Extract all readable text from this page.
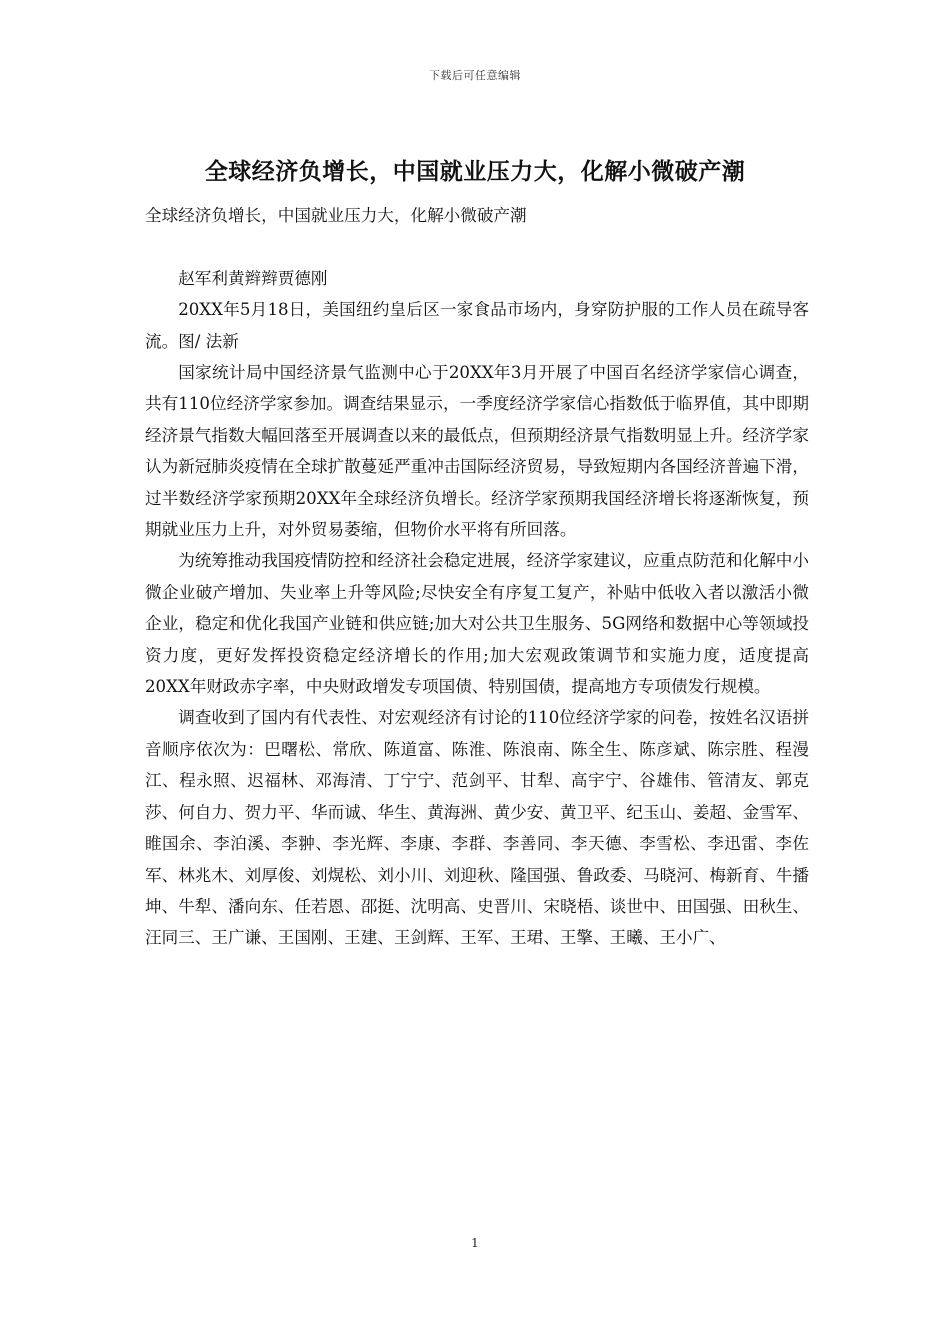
下载后可任意编辑
全球经济负增长，中国就业压力大，化解小微破产潮

全球经济负增长，中国就业压力大，化解小微破产潮

赵军利黄辫辫贾德刚

20XX年5月18日，美国纽约皇后区一家食品市场内，身穿防护服的工作人员在疏导客流。图/ 法新

国家统计局中国经济景气监测中心于20XX年3月开展了中国百名经济学家信心调查，共有110位经济学家参加。调查结果显示，一季度经济学家信心指数低于临界值，其中即期经济景气指数大幅回落至开展调查以来的最低点，但预期经济景气指数明显上升。经济学家认为新冠肺炎疫情在全球扩散蔓延严重冲击国际经济贸易，导致短期内各国经济普遍下滑，过半数经济学家预期20XX年全球经济负增长。经济学家预期我国经济增长将逐渐恢复，预期就业压力上升，对外贸易萎缩，但物价水平将有所回落。

为统筹推动我国疫情防控和经济社会稳定进展，经济学家建议，应重点防范和化解中小微企业破产增加、失业率上升等风险;尽快安全有序复工复产，补贴中低收入者以激活小微企业，稳定和优化我国产业链和供应链;加大对公共卫生服务、5G网络和数据中心等领域投资力度，更好发挥投资稳定经济增长的作用;加大宏观政策调节和实施力度，适度提高20XX年财政赤字率，中央财政增发专项国债、特别国债，提高地方专项债发行规模。

调查收到了国内有代表性、对宏观经济有讨论的110位经济学家的问卷，按姓名汉语拼音顺序依次为：巴曙松、常欣、陈道富、陈淮、陈浪南、陈全生、陈彦斌、陈宗胜、程漫江、程永照、迟福林、邓海清、丁宁宁、范剑平、甘犁、高宇宁、谷雄伟、管清友、郭克莎、何自力、贺力平、华而诚、华生、黄海洲、黄少安、黄卫平、纪玉山、姜超、金雪军、睢国余、李泊溪、李翀、李光辉、李康、李群、李善同、李天德、李雪松、李迅雷、李佐军、林兆木、刘厚俊、刘熀松、刘小川、刘迎秋、隆国强、鲁政委、马晓河、梅新育、牛播坤、牛犁、潘向东、任若恩、邵挺、沈明高、史晋川、宋晓梧、谈世中、田国强、田秋生、汪同三、王广谦、王国刚、王建、王剑辉、王军、王珺、王擎、王曦、王小广、

1
